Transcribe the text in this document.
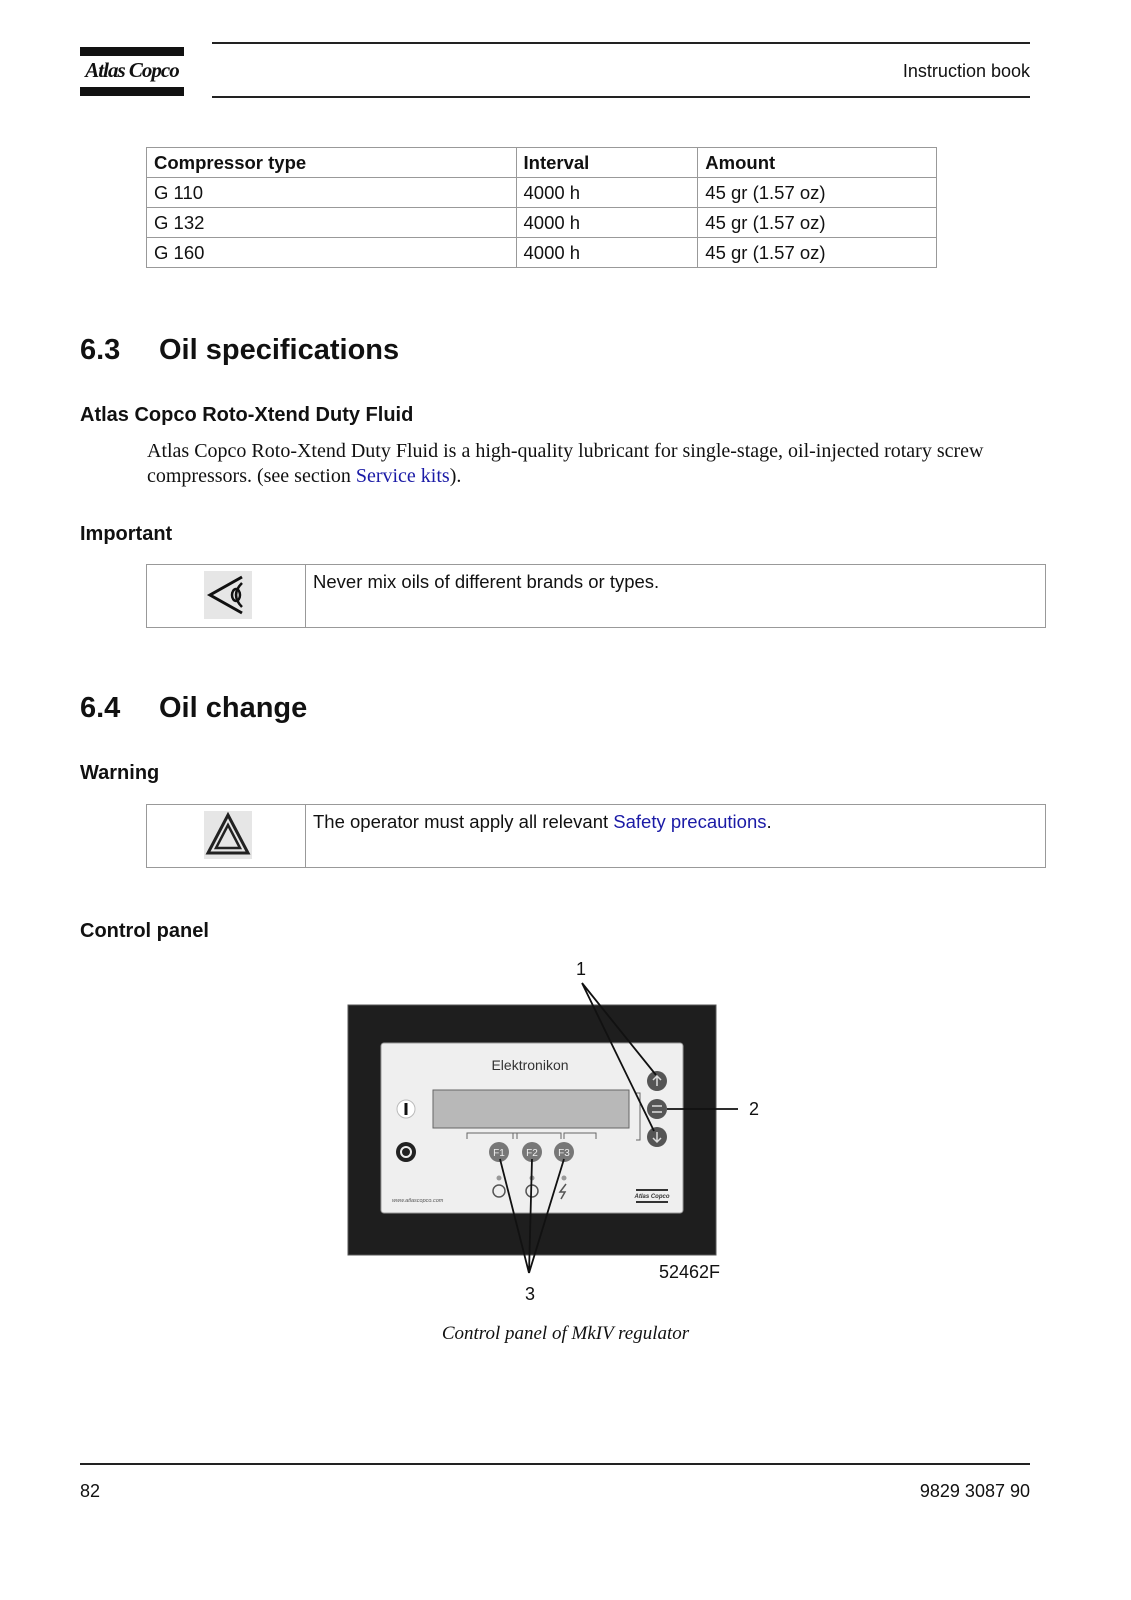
Atlas Copco	Instruction book
Compressor type	Interval	Amount
G 110	4000 h	45 gr (1.57 oz)
G 132	4000 h	45 gr (1.57 oz)
G 160	4000 h	45 gr (1.57 oz)
6.3 Oil specifications
Atlas Copco Roto-Xtend Duty Fluid
Atlas Copco Roto-Xtend Duty Fluid is a high-quality lubricant for single-stage, oil-injected rotary screw compressors. (see section Service kits).
Important
Never mix oils of different brands or types.
6.4 Oil change
Warning
The operator must apply all relevant Safety precautions.
Control panel
Elektronikon
F1 F2 F3
www.atlascopco.com
Atlas Copco
1
2
3
52462F
Control panel of MkIV regulator
82	9829 3087 90
